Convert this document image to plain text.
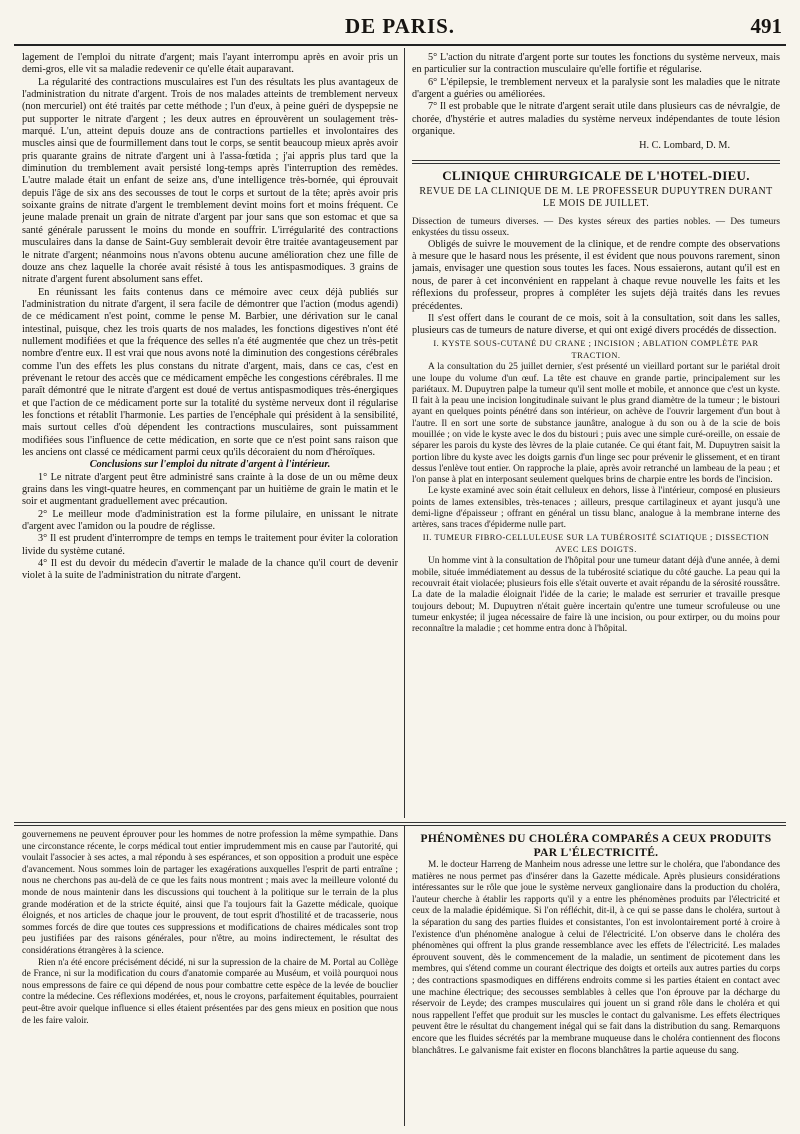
DE PARIS.	491

lagement de l'emploi du nitrate d'argent; mais l'ayant interrompu après en avoir pris un demi-gros, elle vit sa maladie redevenir ce qu'elle était auparavant.

La régularité des contractions musculaires est l'un des résultats les plus avantageux de l'administration du nitrate d'argent. Trois de nos malades atteints de tremblement nerveux (non mercuriel) ont été traités par cette méthode ; l'un d'eux, à peine guéri de dyspepsie ne put supporter le nitrate d'argent ; les deux autres en éprouvèrent un soulagement très-marqué. L'un, atteint depuis douze ans de contractions partielles et involontaires des muscles ainsi que de fourmillement dans tout le corps, se sentit beaucoup mieux après avoir pris quarante grains de nitrate d'argent uni à l'assa-fœtida ; j'ai appris plus tard que la diminution du tremblement avait persisté long-temps après l'interruption des remèdes. L'autre malade était un enfant de seize ans, d'une intelligence très-bornée, qui éprouvait depuis l'âge de six ans des secousses de tout le corps et surtout de la tête; après avoir pris soixante grains de nitrate d'argent le tremblement devint moins fort et moins fréquent. Ce jeune malade prenait un grain de nitrate d'argent par jour sans que son estomac et que sa santé générale parussent le moins du monde en souffrir. L'irrégularité des contractions musculaires dans la danse de Saint-Guy semblerait devoir être traitée avantageusement par le nitrate d'argent; néanmoins nous n'avons obtenu aucune amélioration chez une fille de douze ans chez laquelle la chorée avait résisté à tous les antispasmodiques. 3 grains de nitrate d'argent furent absolument sans effet.

En réunissant les faits contenus dans ce mémoire avec ceux déjà publiés sur l'administration du nitrate d'argent, il sera facile de démontrer que l'action (modus agendi) de ce médicament n'est point, comme le pense M. Barbier, une dérivation sur le canal intestinal, puisque, chez les trois quarts de nos malades, les fonctions digestives n'ont été nullement modifiées et que la fréquence des selles n'a été augmentée que chez un très-petit nombre d'entre eux. Il est vrai que nous avons noté la diminution des congestions cérébrales comme l'un des effets les plus constans du nitrate d'argent, mais, dans ce cas, c'est en prévenant le retour des accès que ce médicament empêche les congestions cérébrales. Il me paraît démontré que le nitrate d'argent est doué de vertus antispasmodiques très-énergiques et que l'action de ce médicament porte sur la totalité du système nerveux dont il régularise les fonctions et rétablit l'harmonie. Les parties de l'encéphale qui président à la sensibilité, mais surtout celles d'où dépendent les contractions musculaires, sont puissamment modifiées sous l'influence de cette médication, en sorte que ce n'est point sans raison que les anciens ont classé ce médicament parmi ceux qu'ils décoraient du nom d'héroïques.

Conclusions sur l'emploi du nitrate d'argent à l'intérieur.

1° Le nitrate d'argent peut être administré sans crainte à la dose de un ou même deux grains dans les vingt-quatre heures, en commençant par un huitième de grain le matin et le soir et augmentant graduellement avec précaution.

2° Le meilleur mode d'administration est la forme pilulaire, en unissant le nitrate d'argent avec l'amidon ou la poudre de réglisse.

3° Il est prudent d'interrompre de temps en temps le traitement pour éviter la coloration livide du système cutané.

4° Il est du devoir du médecin d'avertir le malade de la chance qu'il court de devenir violet à la suite de l'administration du nitrate d'argent.

5° L'action du nitrate d'argent porte sur toutes les fonctions du système nerveux, mais en particulier sur la contraction musculaire qu'elle fortifie et régularise.

6° L'épilepsie, le tremblement nerveux et la paralysie sont les maladies que le nitrate d'argent a guéries ou améliorées.

7° Il est probable que le nitrate d'argent serait utile dans plusieurs cas de névralgie, de chorée, d'hystérie et autres maladies du système nerveux indépendantes de toute lésion organique.

H. C. Lombard, D. M.
CLINIQUE CHIRURGICALE DE L'HOTEL-DIEU.
REVUE DE LA CLINIQUE DE M. LE PROFESSEUR DUPUYTREN DURANT LE MOIS DE JUILLET.

Dissection de tumeurs diverses. — Des kystes séreux des parties nobles. — Des tumeurs enkystées du tissu osseux.

Obligés de suivre le mouvement de la clinique, et de rendre compte des observations à mesure que le hasard nous les présente, il est évident que nous pouvons rarement, sinon jamais, envisager une question sous toutes les faces. Nous essaierons, autant qu'il est en nous, de parer à cet inconvénient en rappelant à chaque revue nouvelle les faits et les réflexions du professeur, propres à compléter les sujets déjà traités dans les revues précédentes.

Il s'est offert dans le courant de ce mois, soit à la consultation, soit dans les salles, plusieurs cas de tumeurs de nature diverse, et qui ont exigé divers procédés de dissection.

I. KYSTE SOUS-CUTANÉ DU CRANE ; INCISION ; ABLATION COMPLÈTE PAR TRACTION.

A la consultation du 25 juillet dernier, s'est présenté un vieillard portant sur le pariétal droit une loupe du volume d'un œuf. La tête est chauve en grande partie, principalement sur les pariétaux. M. Dupuytren palpe la tumeur qu'il sent molle et mobile, et annonce que c'est un kyste. Il fait à la peau une incision longitudinale suivant le plus grand diamètre de la tumeur ; le bistouri ayant en quelques points pénétré dans son intérieur, on achève de l'ouvrir largement d'un bout à l'autre. Il en sort une sorte de substance jaunâtre, analogue à du son ou à de la scie de bois mouillée ; on vide le kyste avec le dos du bistouri ; puis avec une simple curé-oreille, on essaie de séparer les parois du kyste des lèvres de la plaie cutanée. Ce qui étant fait, M. Dupuytren saisit la portion libre du kyste avec les doigts garnis d'un linge sec pour prévenir le glissement, et en tirant dessus l'enlève tout entier. On rapproche la plaie, après avoir retranché un lambeau de la peau ; et l'on panse à plat en interposant seulement quelques brins de charpie entre les bords de l'incision.

Le kyste examiné avec soin était celluleux en dehors, lisse à l'intérieur, composé en plusieurs points de lames extensibles, très-tenaces ; ailleurs, presque cartilagineux et ayant jusqu'à une demi-ligne d'épaisseur ; offrant en général un tissu blanc, analogue à la membrane interne des artères, sans traces d'épiderme nulle part.

II. TUMEUR FIBRO-CELLULEUSE SUR LA TUBÉROSITÉ SCIATIQUE ; DISSECTION AVEC LES DOIGTS.

Un homme vint à la consultation de l'hôpital pour une tumeur datant déjà d'une année, à demi mobile, située immédiatement au dessus de la tubérosité sciatique du côté gauche. La peau qui la recouvrait était violacée; plusieurs fois elle s'était ouverte et avait répandu de la sérosité roussâtre. La date de la maladie éloignait l'idée de la carie; le malade est serrurier et travaille presque toujours debout; M. Dupuytren n'était guère incertain qu'entre une tumeur scrofuleuse ou une tumeur enkystée; il jugea nécessaire de faire là une incision, ou pour extirper, ou du moins pour reconnaître la maladie ; cet homme entra donc à l'hôpital.

gouvernemens ne peuvent éprouver pour les hommes de notre profession la même sympathie. Dans une circonstance récente, le corps médical tout entier imprudemment mis en cause par l'autorité, qui voulait l'associer à ses actes, a mal répondu à ses espérances, et son opposition a produit une espèce d'avancement. Nous sommes loin de partager les exagérations auxquelles l'esprit de parti entraîne ; nous ne cherchons pas au-delà de ce que les faits nous montrent ; mais avec la meilleure volonté du monde de nous maintenir dans les discussions qui touchent à la politique sur le terrain de la plus grande modération et de la stricte équité, ainsi que l'a toujours fait la Gazette médicale, quoique éloignés, et nos articles de chaque jour le prouvent, de tout esprit d'hostilité et de tracasserie, nous sommes forcés de dire que toutes ces suppressions et modifications de chaires médicales sont trop peu justifiées par des raisons générales, pour n'être, au moins indirectement, le résultat des considérations étrangères à la science.

Rien n'a été encore précisément décidé, ni sur la supression de la chaire de M. Portal au Collège de France, ni sur la modification du cours d'anatomie comparée au Muséum, et voilà pourquoi nous nous empressons de faire ce qui dépend de nous pour combattre cette espèce de la levée de bouclier contre la médecine. Ces réflexions modérées, et, nous le croyons, parfaitement équitables, pourraient peut-être avoir quelque influence si elles étaient présentées par des gens mieux en position que nous de les faire valoir.

PHÉNOMÈNES DU CHOLÉRA COMPARÉS A CEUX PRODUITS PAR L'ÉLECTRICITÉ.

M. le docteur Harreng de Manheim nous adresse une lettre sur le choléra, que l'abondance des matières ne nous permet pas d'insérer dans la Gazette médicale. Après plusieurs considérations intéressantes sur le rôle que joue le système nerveux ganglionaire dans la production du choléra, l'auteur cherche à établir les rapports qu'il y a entre les phénomènes produits par l'électricité et ceux de la maladie épidémique. Si l'on réfléchit, dit-il, à ce qui se passe dans le choléra, surtout à la séparation du sang des parties fluides et consistantes, l'on est involontairement porté à croire à l'existence d'un phénomène analogue à celui de l'électricité. L'on observe dans le choléra des phénomènes qui offrent la plus grande ressemblance avec les effets de l'électricité. Les malades éprouvent souvent, dès le commencement de la maladie, un sentiment de picotement dans les membres, qui s'étend comme un courant électrique des doigts et orteils aux autres parties du corps ; des contractions spasmodiques en différens endroits comme si les parties étaient en contact avec une machine électrique; des secousses semblables à celles que l'on éprouve par la décharge du réservoir de Leyde; des crampes musculaires qui jouent un si grand rôle dans le choléra et qui nous rappellent l'effet que produit sur les muscles le contact du galvanisme. Les effets électriques peuvent être le résultat du changement inégal qui se fait dans la distribution du sang. Remarquons encore que les fluides sécrétés par la membrane muqueuse dans le choléra contiennent des flocons blanchâtres. Le galvanisme fait exister en flocons blanchâtres la partie aqueuse du sang.
